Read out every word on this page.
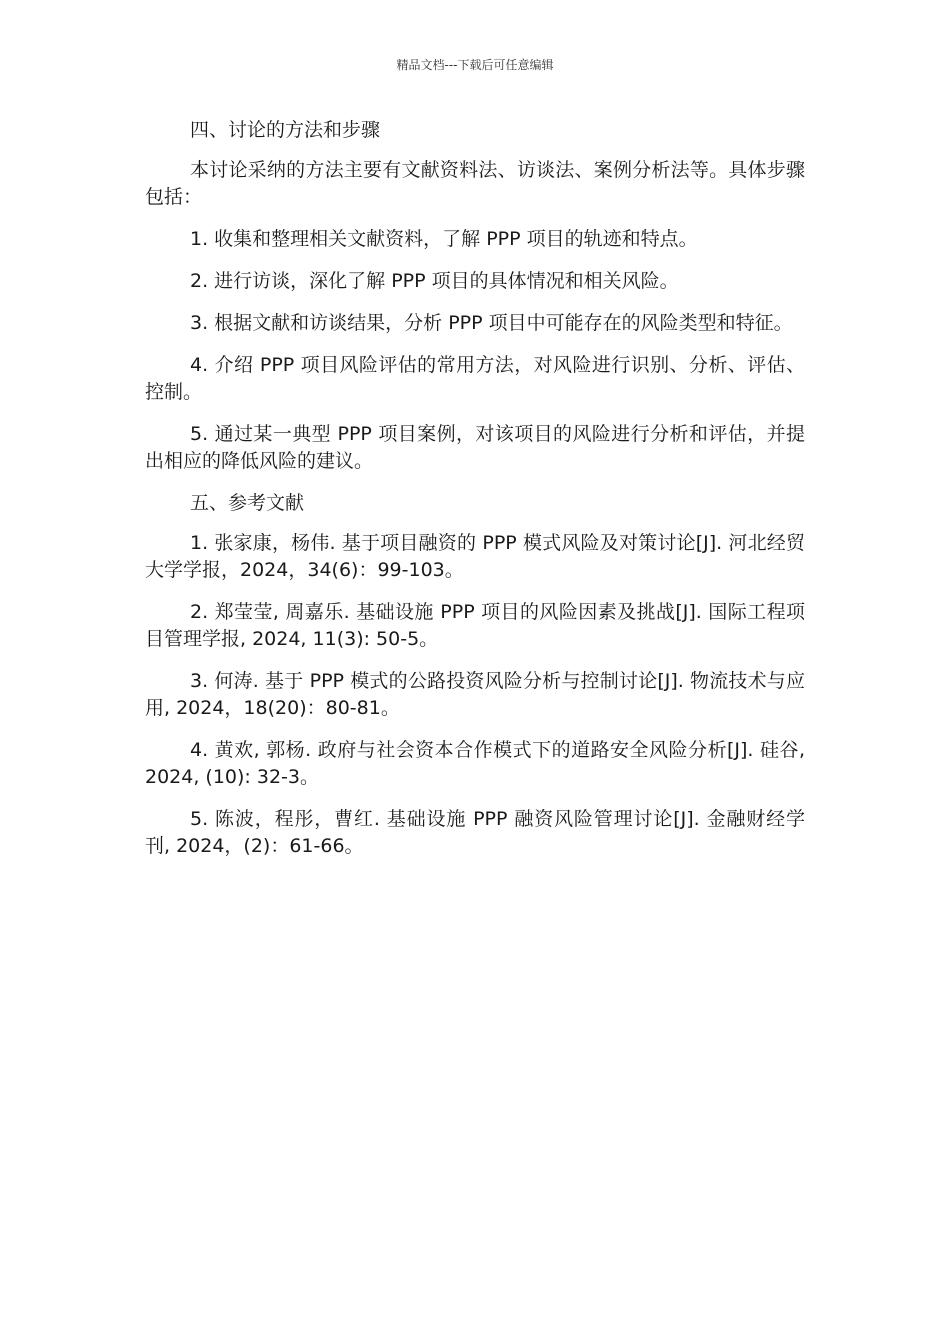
精品文档---下载后可任意编辑

四、讨论的方法和步骤

本讨论采纳的方法主要有文献资料法、访谈法、案例分析法等。具体步骤包括：

1. 收集和整理相关文献资料，了解 PPP 项目的轨迹和特点。

2. 进行访谈，深化了解 PPP 项目的具体情况和相关风险。

3. 根据文献和访谈结果，分析 PPP 项目中可能存在的风险类型和特征。

4. 介绍 PPP 项目风险评估的常用方法，对风险进行识别、分析、评估、控制。

5. 通过某一典型 PPP 项目案例，对该项目的风险进行分析和评估，并提出相应的降低风险的建议。

五、参考文献

1. 张家康，杨伟. 基于项目融资的 PPP 模式风险及对策讨论[J]. 河北经贸大学学报，2024，34(6)：99-103。

2. 郑莹莹, 周嘉乐. 基础设施 PPP 项目的风险因素及挑战[J]. 国际工程项目管理学报, 2024, 11(3): 50-5。

3. 何涛. 基于 PPP 模式的公路投资风险分析与控制讨论[J]. 物流技术与应用, 2024，18(20)：80-81。

4. 黄欢, 郭杨. 政府与社会资本合作模式下的道路安全风险分析[J]. 硅谷, 2024, (10): 32-3。

5. 陈波，程彤，曹红. 基础设施 PPP 融资风险管理讨论[J]. 金融财经学刊, 2024，(2)：61-66。
